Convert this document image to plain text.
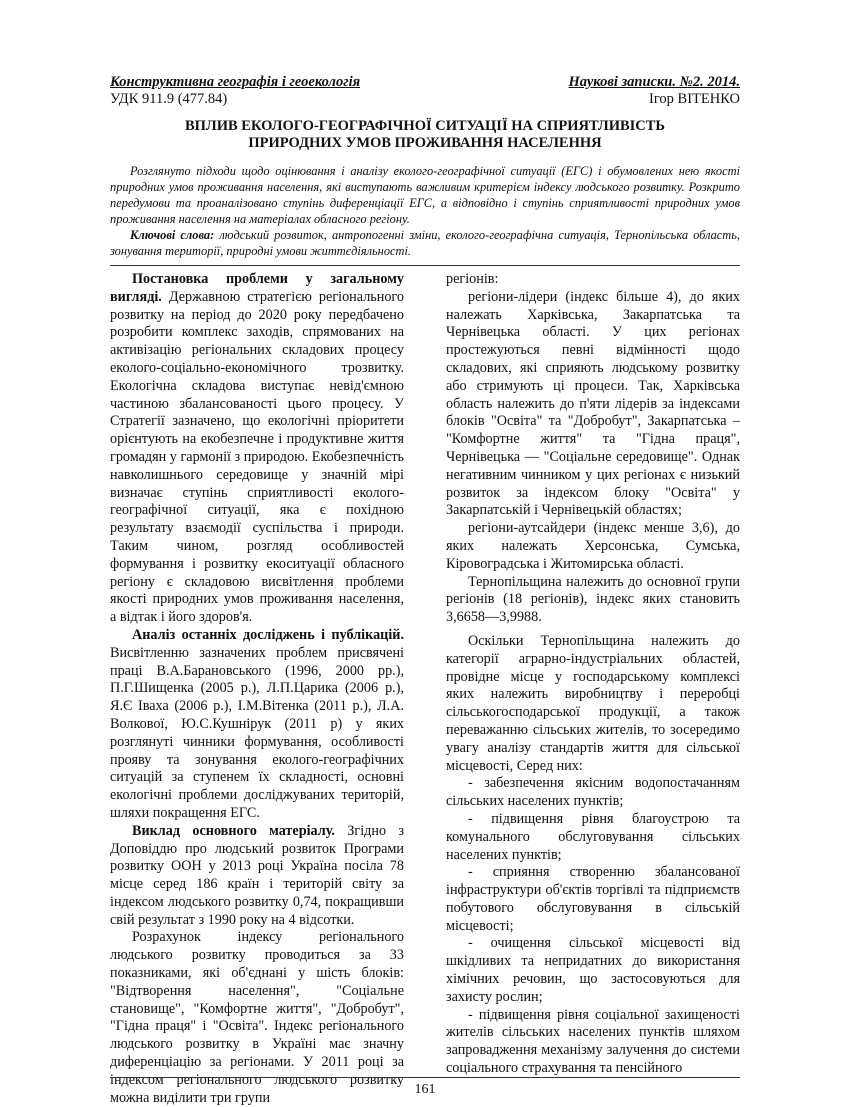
Конструктивна географія і геоекологія	Наукові записки. №2. 2014.
УДК 911.9 (477.84)	Ігор ВІТЕНКО
ВПЛИВ ЕКОЛОГО-ГЕОГРАФІЧНОЇ СИТУАЦІЇ НА СПРИЯТЛИВІСТЬ
ПРИРОДНИХ УМОВ ПРОЖИВАННЯ НАСЕЛЕННЯ
Розглянуто підходи щодо оцінювання і аналізу еколого-географічної ситуації (ЕГС) і обумовлених нею якості природних умов проживання населення, які виступають важливим критерієм індексу людського розвитку. Розкрито передумови та проаналізовано ступінь диференціації ЕГС, а відповідно і ступінь сприятливості природних умов проживання населення на матеріалах обласного регіону.
Ключові слова: людський розвиток, антропогенні зміни, еколого-географічна ситуація, Тернопільська область, зонування території, природні умови життєдіяльності.

Постановка проблеми у загальному вигляді. Державною стратегією регіонального розвитку на період до 2020 року передбачено розробити комплекс заходів, спрямованих на активізацію регіональних складових процесу еколого-соціально-економічного трозвитку. Екологічна складова виступає невід'ємною частиною збалансованості цього процесу. У Стратегії зазначено, що екологічні пріоритети орієнтують на екобезпечне і продуктивне життя громадян у гармонії з природою. Екобезпечність навколишнього середовище у значній мірі визначає ступінь сприятливості еколого-географічної ситуації, яка є похідною результату взаємодії суспільства і природи. Таким чином, розгляд особливостей формування і розвитку екоситуації обласного регіону є складовою висвітлення проблеми якості природних умов проживання населення, а відтак і його здоров'я.

Аналіз останніх досліджень і публікацій. Висвітленню зазначених проблем присвячені праці В.А.Барановського (1996, 2000 рр.), П.Г.Шищенка (2005 р.), Л.П.Царика (2006 р.), Я.Є Іваха (2006 р.), І.М.Вітенка (2011 р.), Л.А. Волкової, Ю.С.Кушнірук (2011 р) у яких розглянуті чинники формування, особливості прояву та зонування еколого-географічних ситуацій за ступенем їх складності, основні екологічні проблеми досліджуваних територій, шляхи покращення ЕГС.

Виклад основного матеріалу. Згідно з Доповіддю про людський розвиток Програми розвитку ООН у 2013 році Україна посіла 78 місце серед 186 країн і територій світу за індексом людського розвитку 0,74, покращивши свій результат з 1990 року на 4 відсотки.

Розрахунок індексу регіонального людського розвитку проводиться за 33 показниками, які об'єднані у шість блоків: "Відтворення населення", "Соціальне становище", "Комфортне життя", "Добробут", "Гідна праця" і "Освіта". Індекс регіонального людського розвитку в Україні має значну диференціацію за регіонами. У 2011 році за індексом регіонального людського розвитку можна виділити три групи

регіонів:

регіони-лідери (індекс більше 4), до яких належать Харківська, Закарпатська та Чернівецька області. У цих регіонах простежуються певні відмінності щодо складових, які сприяють людському розвитку або стримують ці процеси. Так, Харківська область належить до п'яти лідерів за індексами блоків "Освіта" та "Добробут", Закарпатська – "Комфортне життя" та "Гідна праця", Чернівецька — "Соціальне середовище". Однак негативним чинником у цих регіонах є низький розвиток за індексом блоку "Освіта" у Закарпатській і Чернівецькій областях;

регіони-аутсайдери (індекс менше 3,6), до яких належать Херсонська, Сумська, Кіровоградська і Житомирська області.

Тернопільщина належить до основної групи регіонів (18 регіонів), індекс яких становить 3,6658—3,9988.

Оскільки Тернопільщина належить до категорії аграрно-індустріальних областей, провідне місце у господарському комплексі яких належить виробництву і переробці сільськогосподарської продукції, а також переважанню сільських жителів, то зосередимо увагу аналізу стандартів життя для сільської місцевості, Серед них:

- забезпечення якісним водопостачанням сільських населених пунктів;

- підвищення рівня благоустрою та комунального обслуговування сільських населених пунктів;

- сприяння створенню збалансованої інфраструктури об'єктів торгівлі та підприємств побутового обслуговування в сільській місцевості;

- очищення сільської місцевості від шкідливих та непридатних до використання хімічних речовин, що застосовуються для захисту рослин;

- підвищення рівня соціальної захищеності жителів сільських населених пунктів шляхом запровадження механізму залучення до системи соціального страхування та пенсійного

161
